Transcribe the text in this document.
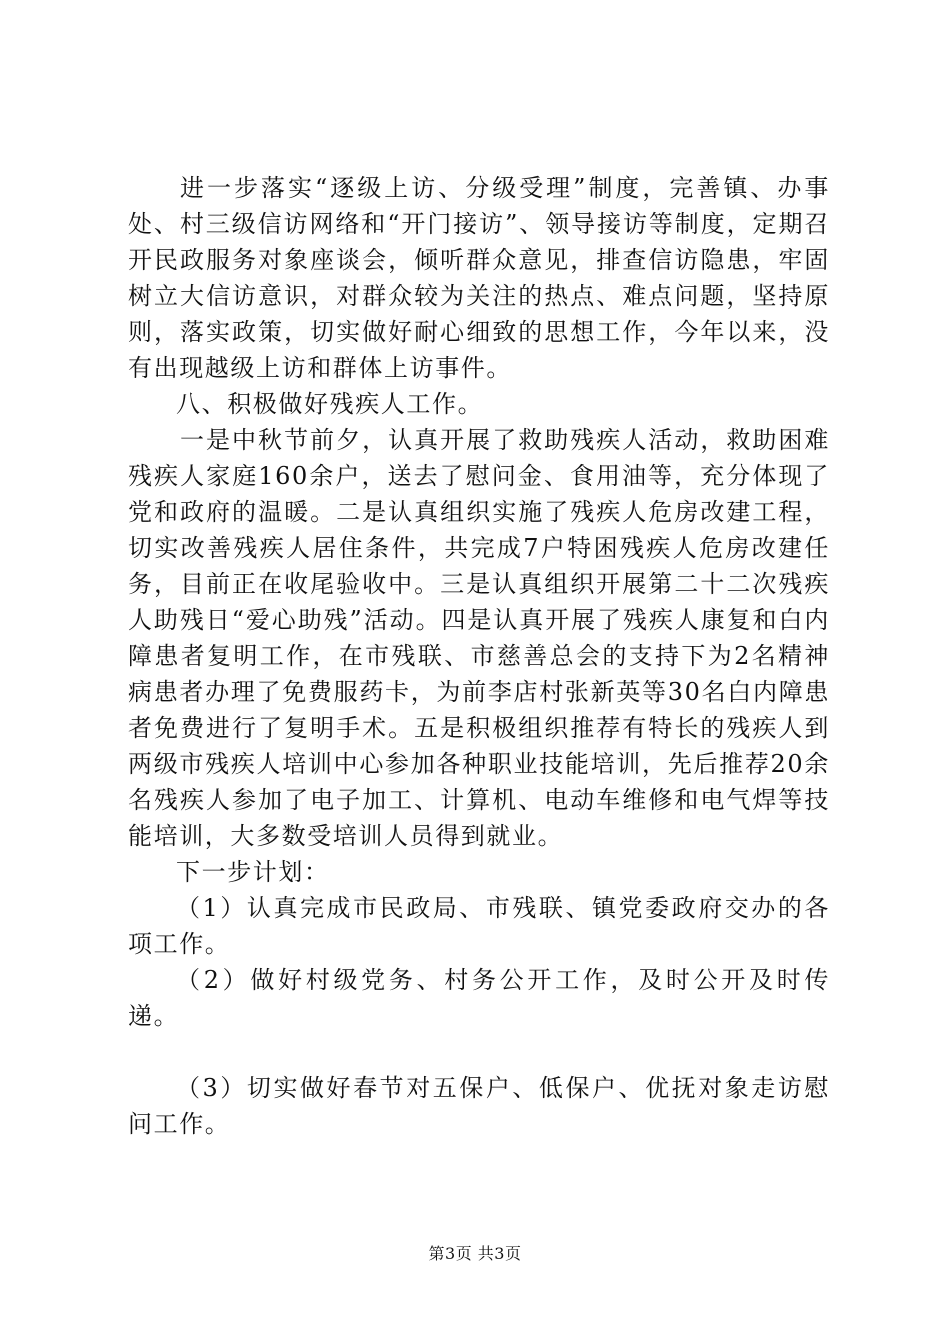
进一步落实“逐级上访、分级受理”制度，完善镇、办事处、村三级信访网络和“开门接访”、领导接访等制度，定期召开民政服务对象座谈会，倾听群众意见，排查信访隐患，牢固树立大信访意识，对群众较为关注的热点、难点问题，坚持原则，落实政策，切实做好耐心细致的思想工作，今年以来，没有出现越级上访和群体上访事件。

八、积极做好残疾人工作。

一是中秋节前夕，认真开展了救助残疾人活动，救助困难残疾人家庭160余户，送去了慰问金、食用油等，充分体现了党和政府的温暖。二是认真组织实施了残疾人危房改建工程，切实改善残疾人居住条件，共完成7户特困残疾人危房改建任务，目前正在收尾验收中。三是认真组织开展第二十二次残疾人助残日“爱心助残”活动。四是认真开展了残疾人康复和白内障患者复明工作，在市残联、市慈善总会的支持下为2名精神病患者办理了免费服药卡，为前李店村张新英等30名白内障患者免费进行了复明手术。五是积极组织推荐有特长的残疾人到两级市残疾人培训中心参加各种职业技能培训，先后推荐20余名残疾人参加了电子加工、计算机、电动车维修和电气焊等技能培训，大多数受培训人员得到就业。

下一步计划：

（1）认真完成市民政局、市残联、镇党委政府交办的各项工作。

（2）做好村级党务、村务公开工作，及时公开及时传递。

（3）切实做好春节对五保户、低保户、优抚对象走访慰问工作。

第3页 共3页
